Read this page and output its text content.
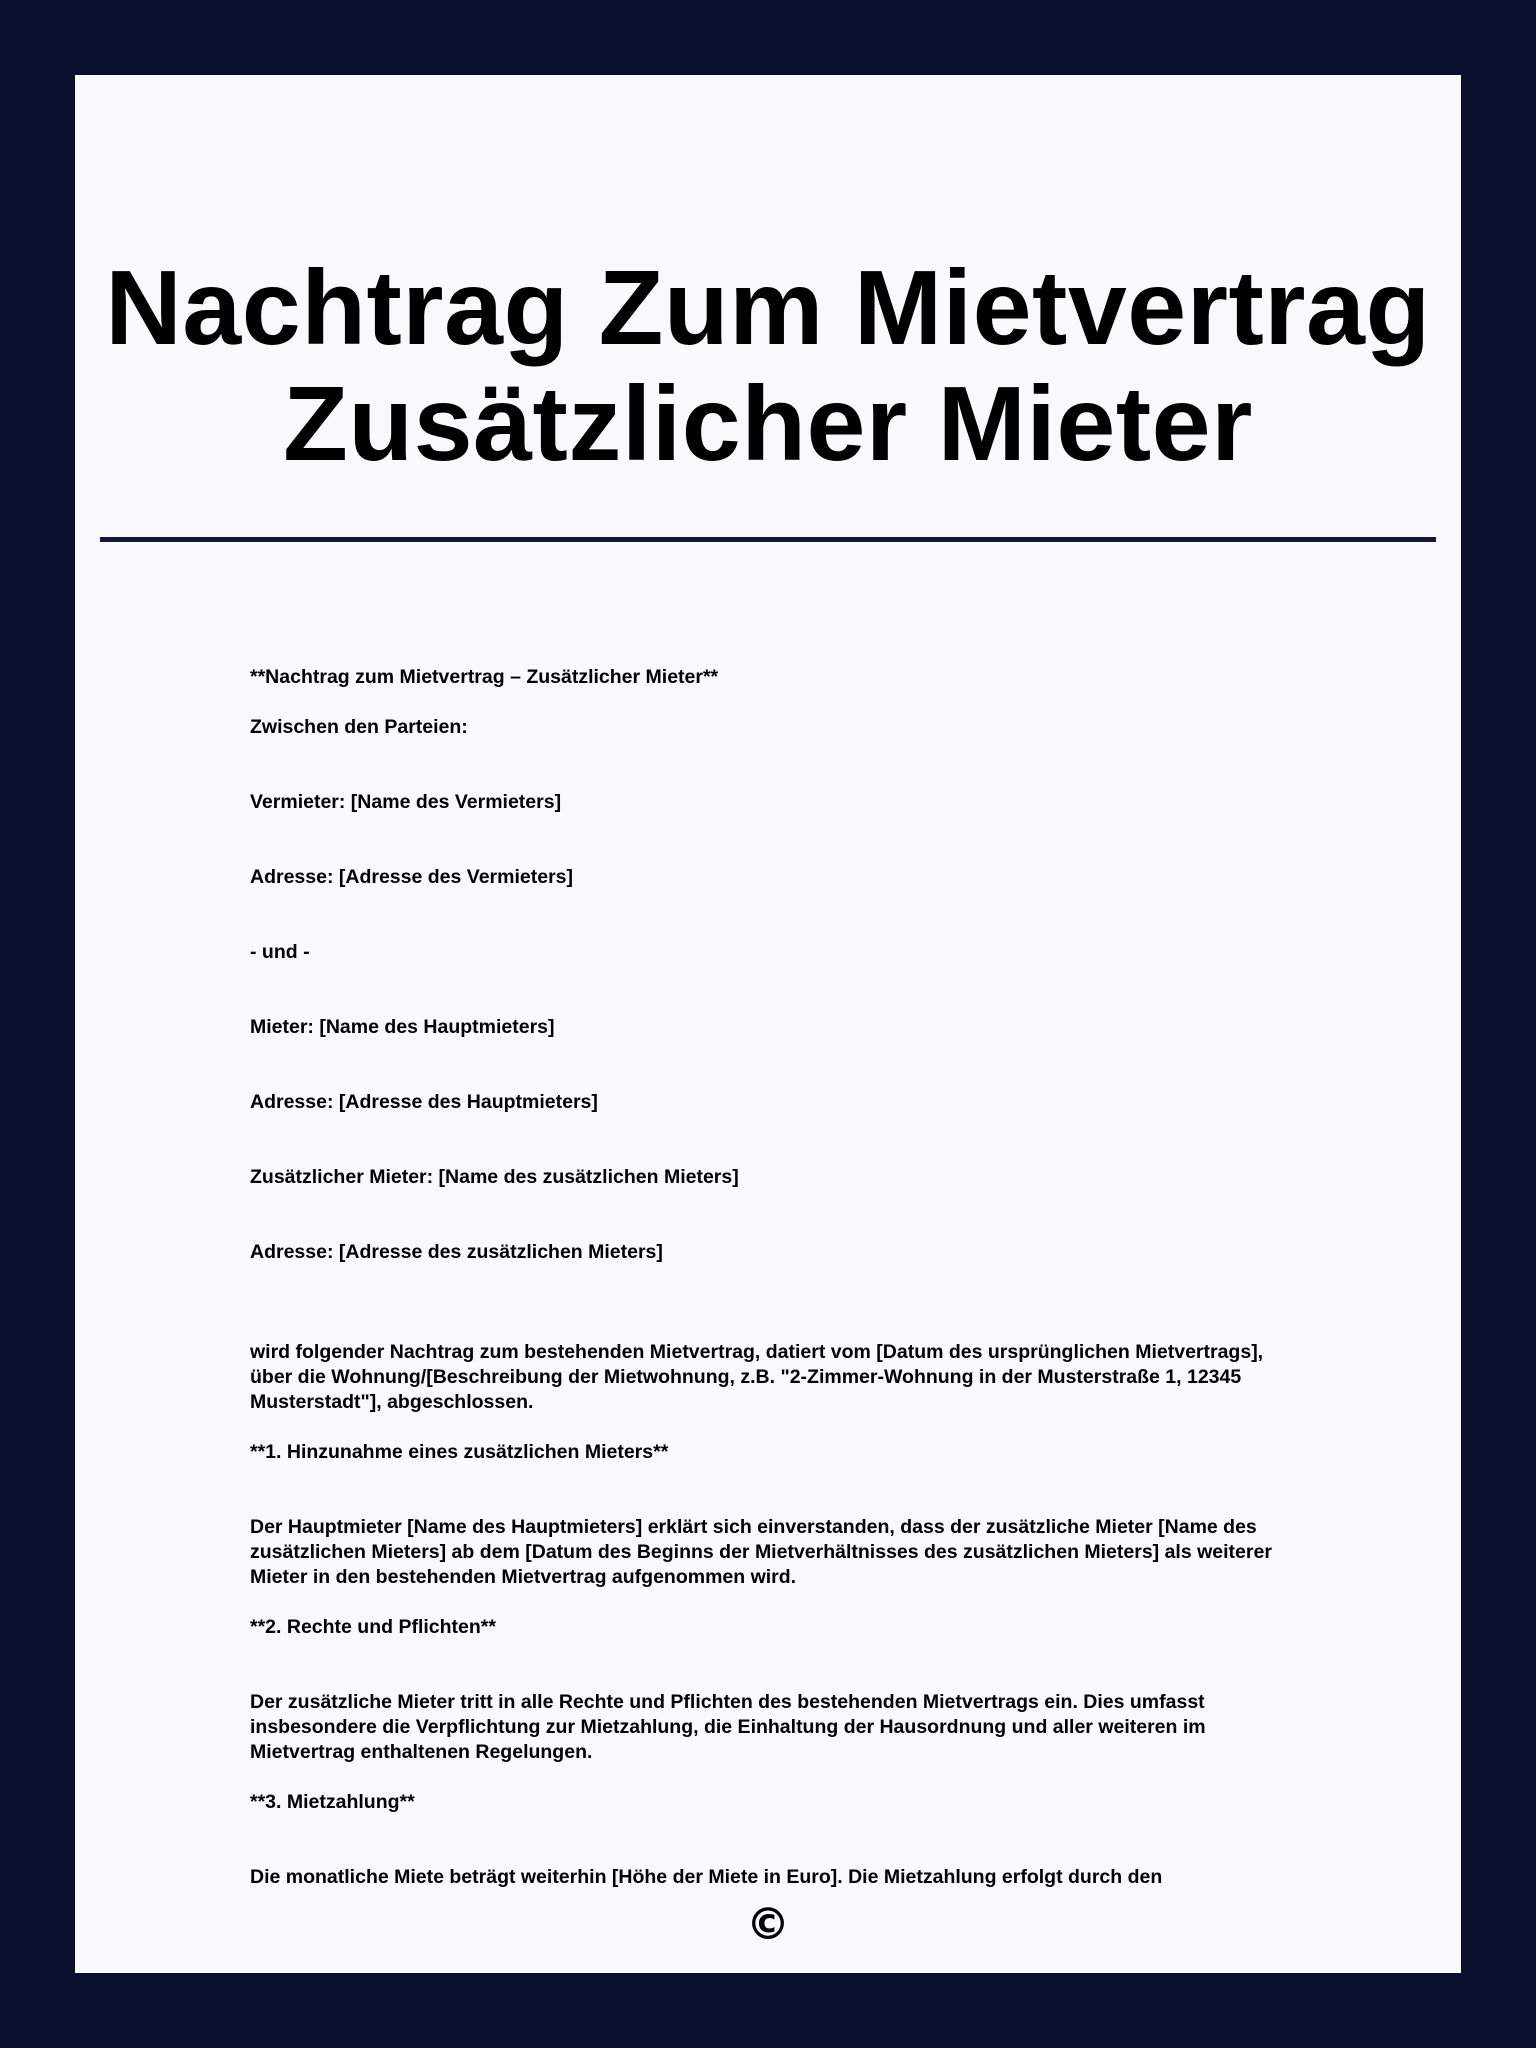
Nachtrag Zum Mietvertrag
Zusätzlicher Mieter

**Nachtrag zum Mietvertrag – Zusätzlicher Mieter**

Zwischen den Parteien:

Vermieter: [Name des Vermieters]

Adresse: [Adresse des Vermieters]

- und -

Mieter: [Name des Hauptmieters]

Adresse: [Adresse des Hauptmieters]

Zusätzlicher Mieter: [Name des zusätzlichen Mieters]

Adresse: [Adresse des zusätzlichen Mieters]

wird folgender Nachtrag zum bestehenden Mietvertrag, datiert vom [Datum des ursprünglichen Mietvertrags], über die Wohnung/[Beschreibung der Mietwohnung, z.B. "2-Zimmer-Wohnung in der Musterstraße 1, 12345 Musterstadt"], abgeschlossen.

**1. Hinzunahme eines zusätzlichen Mieters**

Der Hauptmieter [Name des Hauptmieters] erklärt sich einverstanden, dass der zusätzliche Mieter [Name des zusätzlichen Mieters] ab dem [Datum des Beginns der Mietverhältnisses des zusätzlichen Mieters] als weiterer Mieter in den bestehenden Mietvertrag aufgenommen wird.

**2. Rechte und Pflichten**

Der zusätzliche Mieter tritt in alle Rechte und Pflichten des bestehenden Mietvertrags ein. Dies umfasst insbesondere die Verpflichtung zur Mietzahlung, die Einhaltung der Hausordnung und aller weiteren im Mietvertrag enthaltenen Regelungen.

**3. Mietzahlung**

Die monatliche Miete beträgt weiterhin [Höhe der Miete in Euro]. Die Mietzahlung erfolgt durch den

©
